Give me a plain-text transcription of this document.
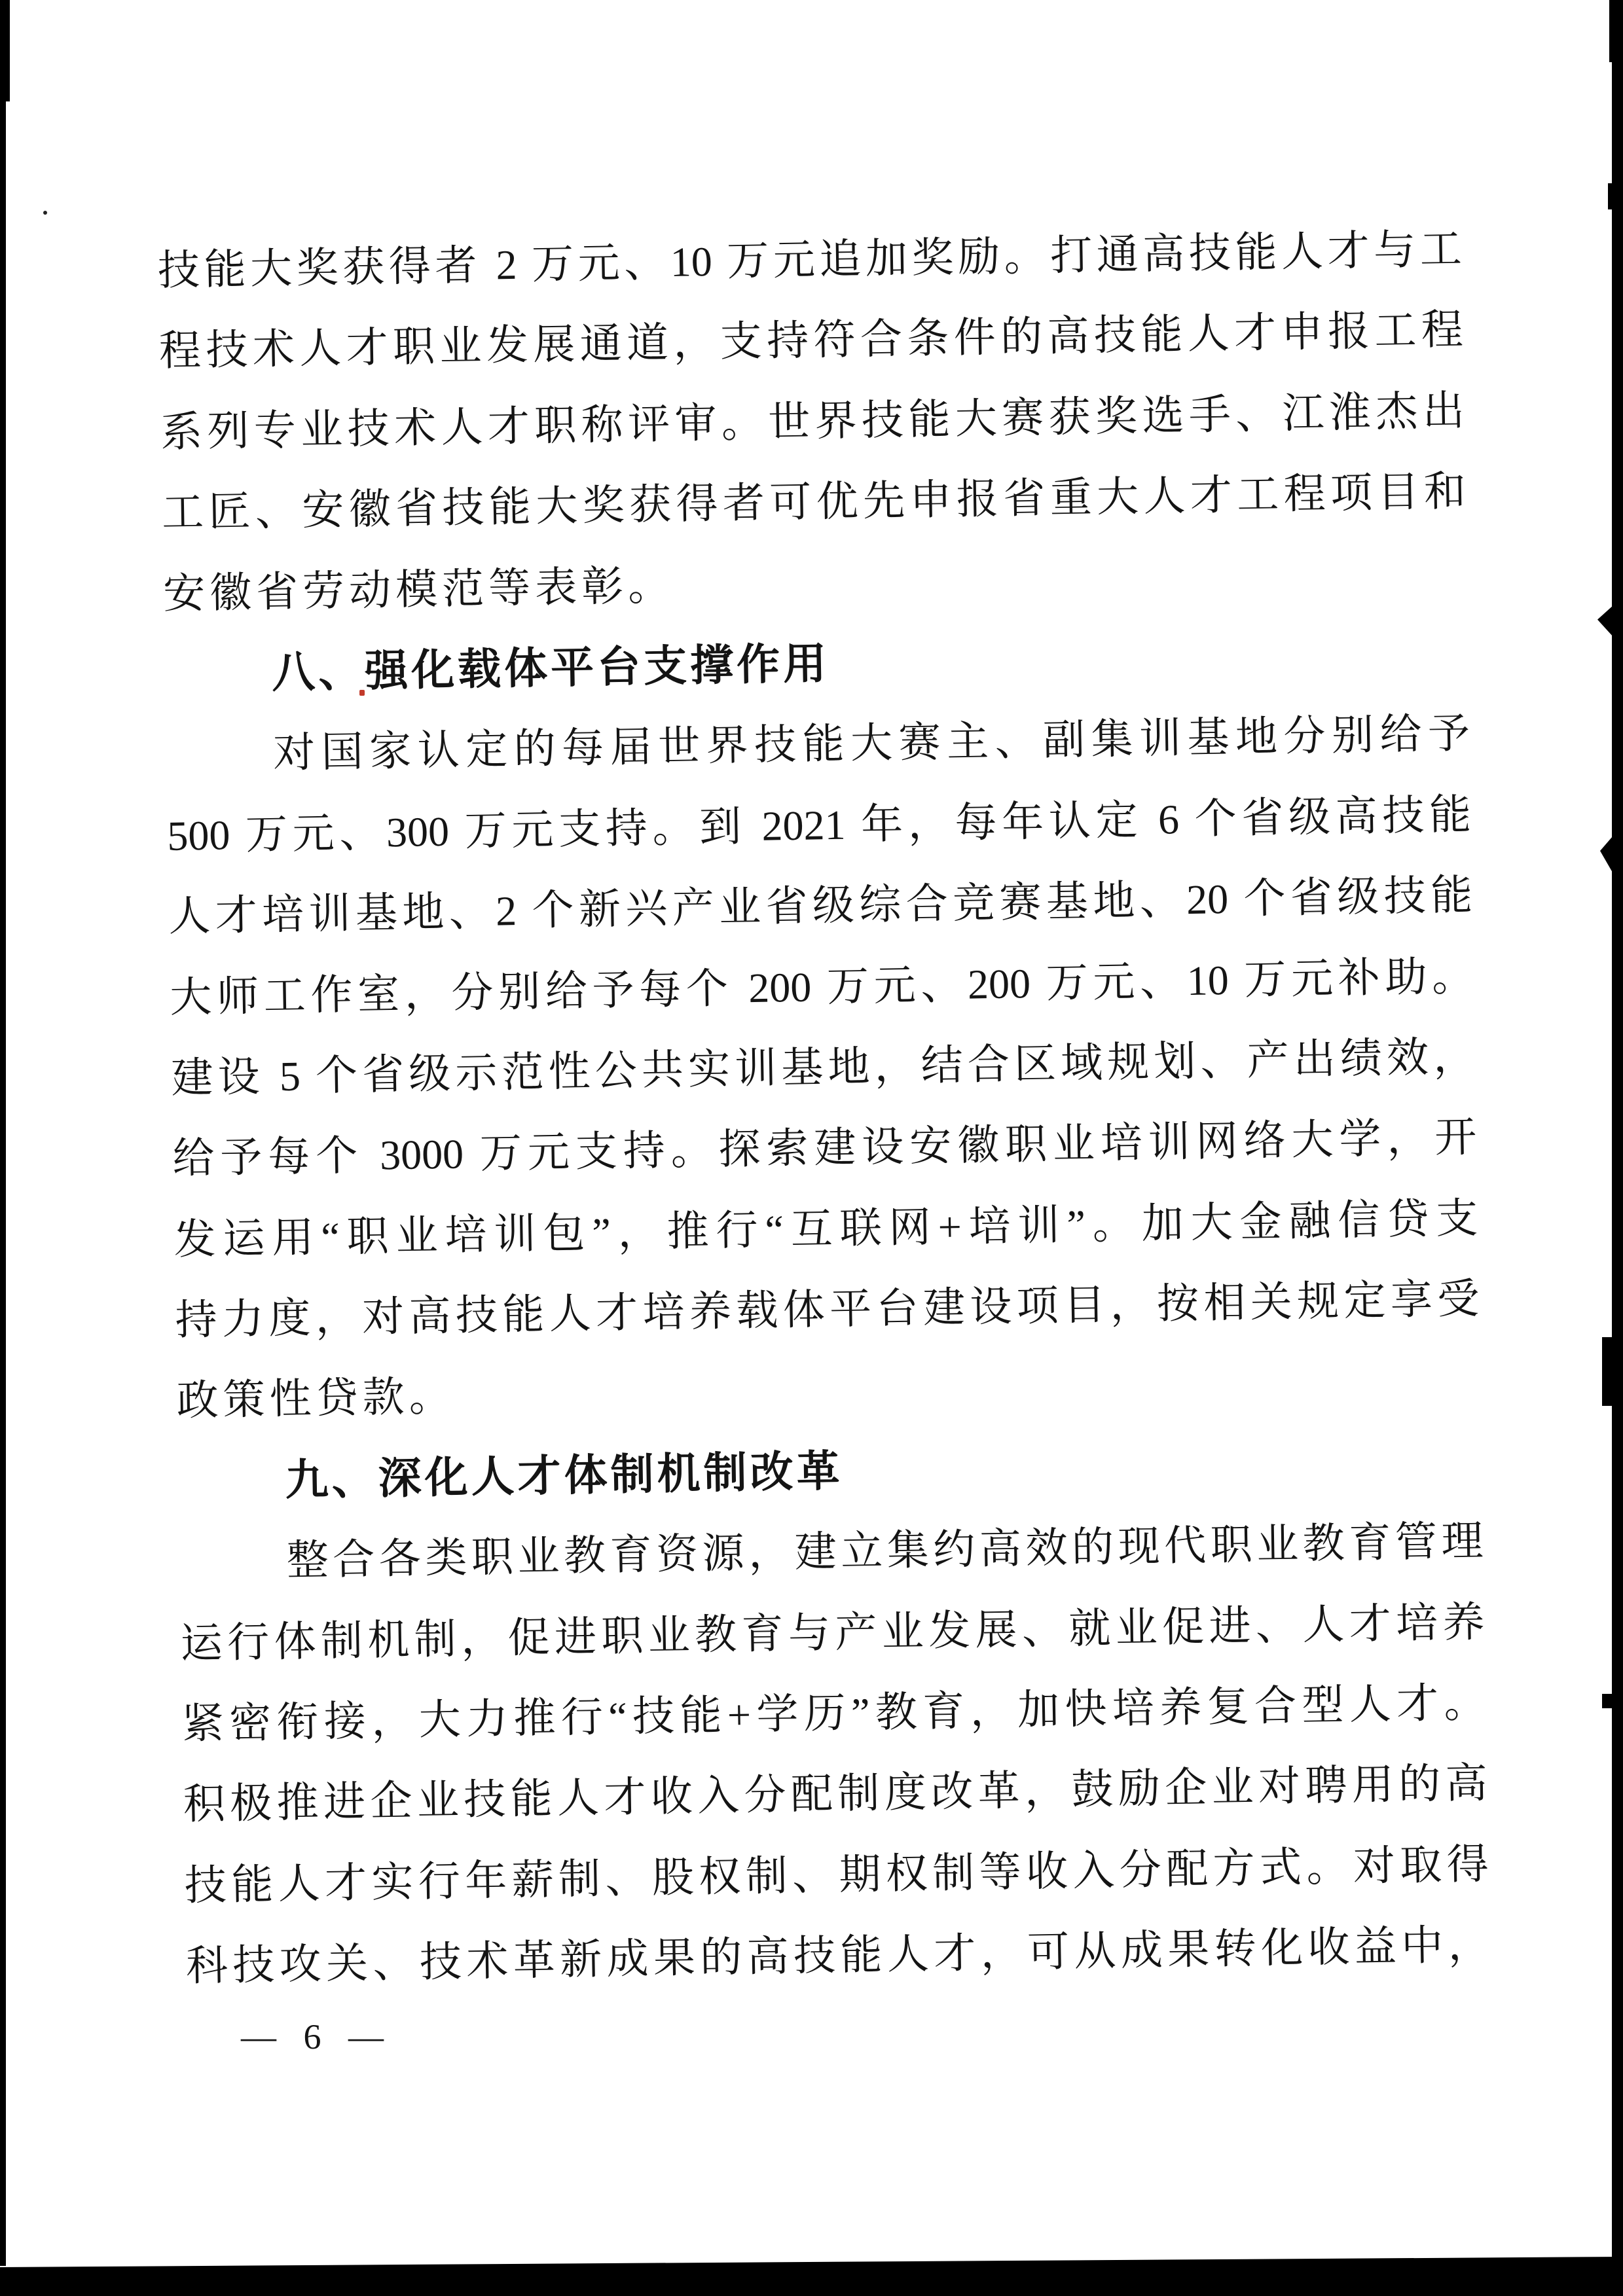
技能大奖获得者 2 万元、10 万元追加奖励。打通高技能人才与工
程技术人才职业发展通道，支持符合条件的高技能人才申报工程
系列专业技术人才职称评审。世界技能大赛获奖选手、江淮杰出
工匠、安徽省技能大奖获得者可优先申报省重大人才工程项目和
安徽省劳动模范等表彰。
八、强化载体平台支撑作用
对国家认定的每届世界技能大赛主、副集训基地分别给予
500 万元、300 万元支持。到 2021 年，每年认定 6 个省级高技能
人才培训基地、2 个新兴产业省级综合竞赛基地、20 个省级技能
大师工作室，分别给予每个 200 万元、200 万元、10 万元补助。
建设 5 个省级示范性公共实训基地，结合区域规划、产出绩效，
给予每个 3000 万元支持。探索建设安徽职业培训网络大学，开
发运用“职业培训包”，推行“互联网+培训”。加大金融信贷支
持力度，对高技能人才培养载体平台建设项目，按相关规定享受
政策性贷款。
九、深化人才体制机制改革
整合各类职业教育资源，建立集约高效的现代职业教育管理
运行体制机制，促进职业教育与产业发展、就业促进、人才培养
紧密衔接，大力推行“技能+学历”教育，加快培养复合型人才。
积极推进企业技能人才收入分配制度改革，鼓励企业对聘用的高
技能人才实行年薪制、股权制、期权制等收入分配方式。对取得
科技攻关、技术革新成果的高技能人才，可从成果转化收益中，
— 6 —
